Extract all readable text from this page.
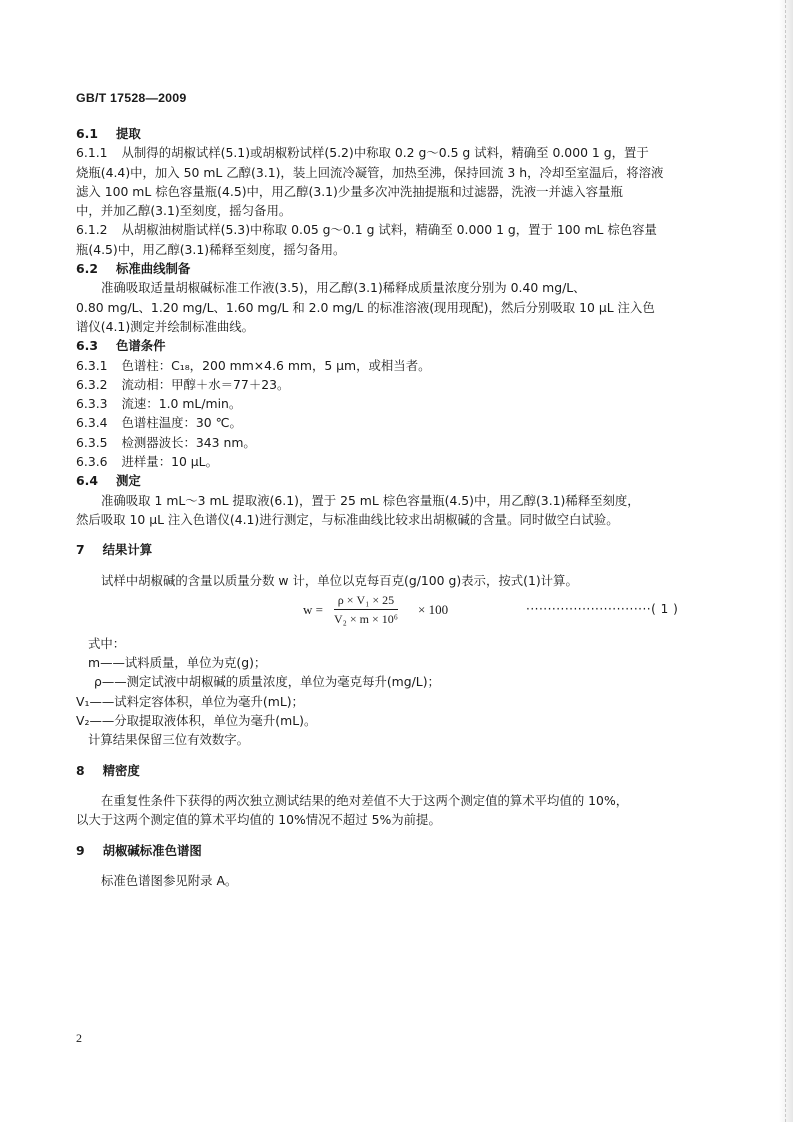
GB/T 17528—2009
6.1 提取
6.1.1 从制得的胡椒试样(5.1)或胡椒粉试样(5.2)中称取 0.2 g～0.5 g 试料，精确至 0.000 1 g，置于
烧瓶(4.4)中，加入 50 mL 乙醇(3.1)，装上回流冷凝管，加热至沸，保持回流 3 h，冷却至室温后，将溶液
滤入 100 mL 棕色容量瓶(4.5)中，用乙醇(3.1)少量多次冲洗抽提瓶和过滤器，洗液一并滤入容量瓶
中，并加乙醇(3.1)至刻度，摇匀备用。
6.1.2 从胡椒油树脂试样(5.3)中称取 0.05 g～0.1 g 试料，精确至 0.000 1 g，置于 100 mL 棕色容量
瓶(4.5)中，用乙醇(3.1)稀释至刻度，摇匀备用。
6.2 标准曲线制备
准确吸取适量胡椒碱标准工作液(3.5)，用乙醇(3.1)稀释成质量浓度分别为 0.40 mg/L、
0.80 mg/L、1.20 mg/L、1.60 mg/L 和 2.0 mg/L 的标准溶液(现用现配)，然后分别吸取 10 μL 注入色
谱仪(4.1)测定并绘制标准曲线。
6.3 色谱条件
6.3.1 色谱柱：C₁₈，200 mm×4.6 mm，5 μm，或相当者。
6.3.2 流动相：甲醇＋水＝77＋23。
6.3.3 流速：1.0 mL/min。
6.3.4 色谱柱温度：30 ℃。
6.3.5 检测器波长：343 nm。
6.3.6 进样量：10 μL。
6.4 测定
准确吸取 1 mL～3 mL 提取液(6.1)，置于 25 mL 棕色容量瓶(4.5)中，用乙醇(3.1)稀释至刻度，
然后吸取 10 μL 注入色谱仪(4.1)进行测定，与标准曲线比较求出胡椒碱的含量。同时做空白试验。
7 结果计算
试样中胡椒碱的含量以质量分数 w 计，单位以克每百克(g/100 g)表示，按式(1)计算。
$w = \frac{\text{ρ × V₁ × 25}}{\text{V₂ × m × 10⁶}} \times 100$	·····························( 1 )
式中：
m——试料质量，单位为克(g)；
ρ——测定试液中胡椒碱的质量浓度，单位为毫克每升(mg/L)；
V₁——试料定容体积，单位为毫升(mL)；
V₂——分取提取液体积，单位为毫升(mL)。
计算结果保留三位有效数字。
8 精密度
在重复性条件下获得的两次独立测试结果的绝对差值不大于这两个测定值的算术平均值的 10%，
以大于这两个测定值的算术平均值的 10%情况不超过 5%为前提。
9 胡椒碱标准色谱图
标准色谱图参见附录 A。
2
